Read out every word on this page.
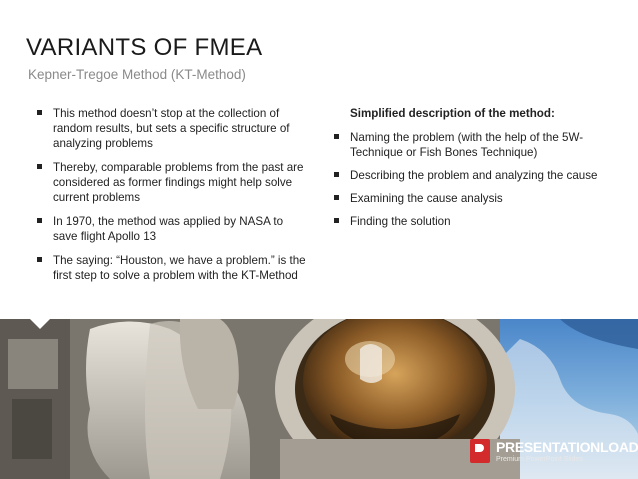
VARIANTS OF FMEA
Kepner-Tregoe Method (KT-Method)
This method doesn’t stop at the collection of random results, but sets a specific structure of analyzing problems
Thereby, comparable problems from the past are considered as former findings might help solve current problems
In 1970, the method was applied by NASA to save flight Apollo 13
The saying: “Houston, we have a problem.” is the first step to solve a problem with the KT-Method
Simplified description of the method:
Naming the problem (with the help of the 5W-Technique or Fish Bones Technique)
Describing the problem and analyzing the cause
Examining the cause analysis
Finding the solution
PRESENTATIONLOAD
Premium PowerPoint Slides
